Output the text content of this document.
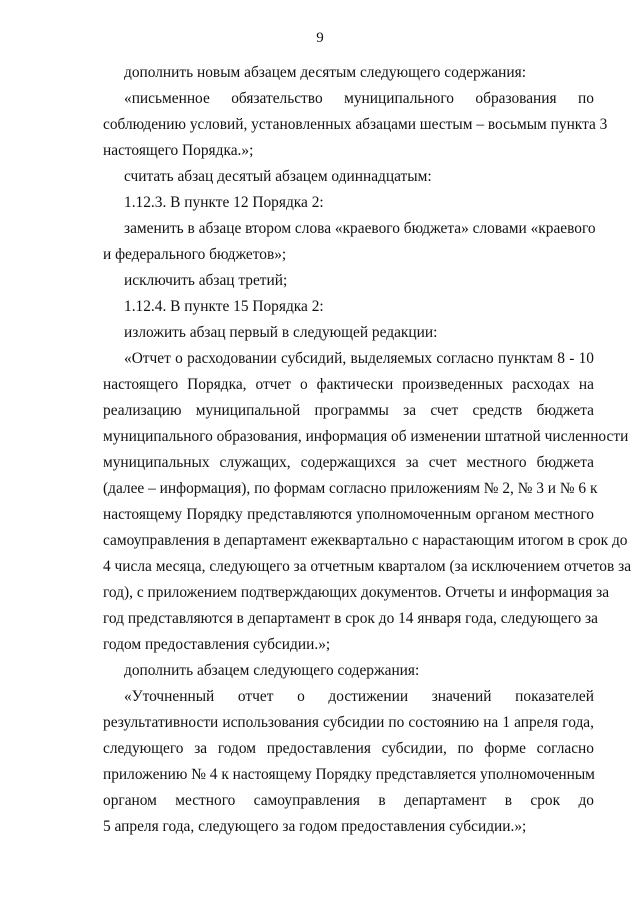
9
дополнить новым абзацем десятым следующего содержания:
«письменное обязательство муниципального образования по
соблюдению условий, установленных абзацами шестым – восьмым пункта 3
настоящего Порядка.»;
считать абзац десятый абзацем одиннадцатым:
1.12.3. В пункте 12 Порядка 2:
заменить в абзаце втором слова «краевого бюджета» словами «краевого
и федерального бюджетов»;
исключить абзац третий;
1.12.4. В пункте 15 Порядка 2:
изложить абзац первый в следующей редакции:
«Отчет о расходовании субсидий, выделяемых согласно пунктам 8 - 10
настоящего Порядка, отчет о фактически произведенных расходах на
реализацию муниципальной программы за счет средств бюджета
муниципального образования, информация об изменении штатной численности
муниципальных служащих, содержащихся за счет местного бюджета
(далее – информация), по формам согласно приложениям № 2, № 3 и № 6 к
настоящему Порядку представляются уполномоченным органом местного
самоуправления в департамент ежеквартально с нарастающим итогом в срок до
4 числа месяца, следующего за отчетным кварталом (за исключением отчетов за
год), с приложением подтверждающих документов. Отчеты и информация за
год представляются в департамент в срок до 14 января года, следующего за
годом предоставления субсидии.»;
дополнить абзацем следующего содержания:
«Уточненный отчет о достижении значений показателей
результативности использования субсидии по состоянию на 1 апреля года,
следующего за годом предоставления субсидии, по форме согласно
приложению № 4 к настоящему Порядку представляется уполномоченным
органом местного самоуправления в департамент в срок до
5 апреля года, следующего за годом предоставления субсидии.»;
